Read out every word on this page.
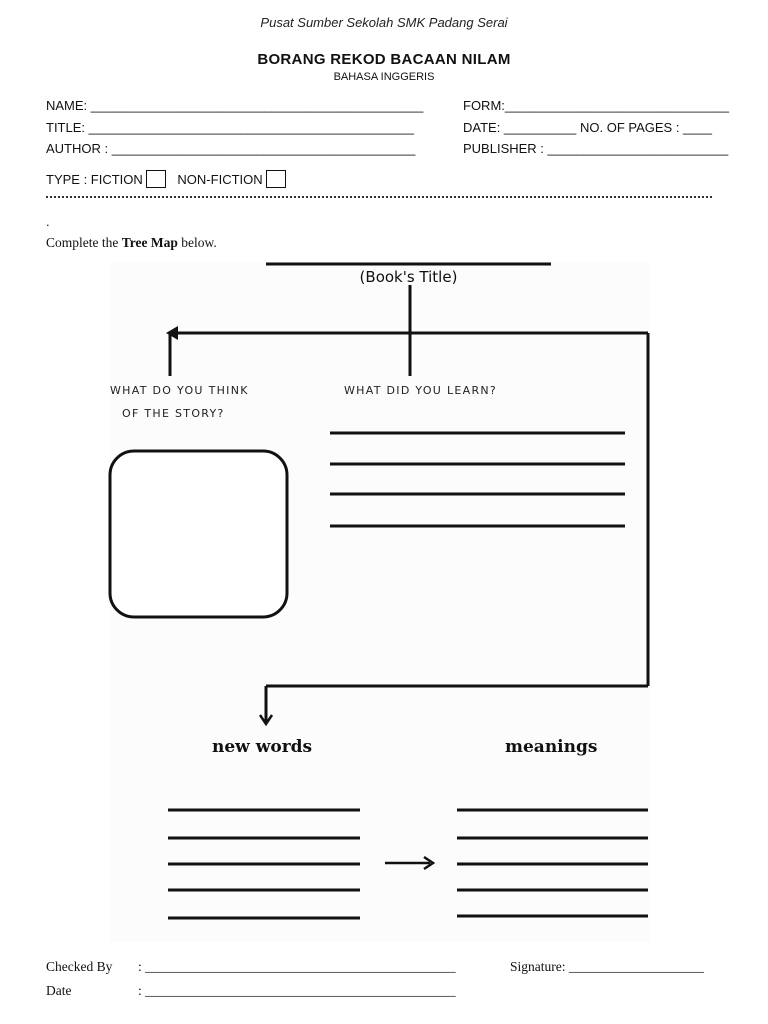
Pusat Sumber Sekolah SMK Padang Serai
BORANG REKOD BACAAN NILAM
BAHASA INGGERIS
NAME: ______________________________________________
TITLE: _____________________________________________
AUTHOR : __________________________________________
FORM:_______________________________
DATE: __________ NO. OF PAGES : ____
PUBLISHER : _________________________
TYPE : FICTION	NON-FICTION
.
Complete the Tree Map below.
(Book's Title)
WHAT DO YOU THINK
OF THE STORY?
WHAT DID YOU LEARN?
new words	meanings
Checked By : ______________________________________________	Signature: ____________________
Date	: ______________________________________________
